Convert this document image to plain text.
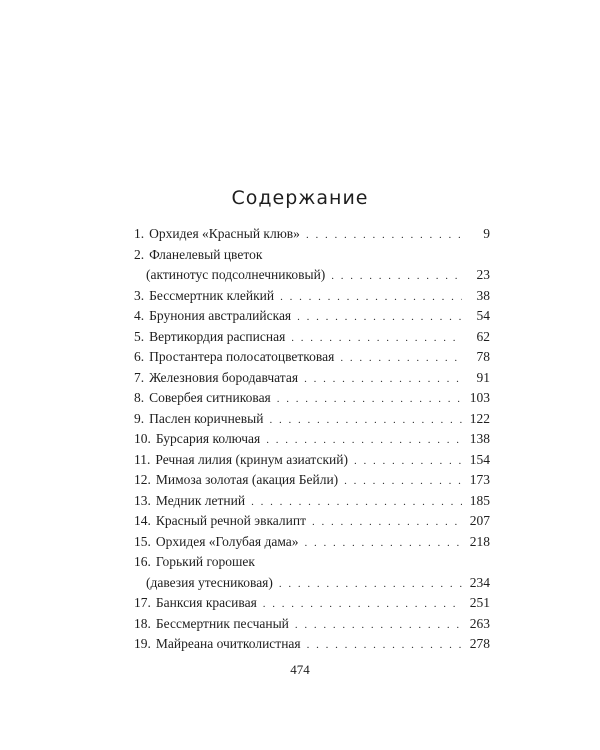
Содержание
1. Орхидея «Красный клюв» . . .	9
2. Фланелевый цветок
(актинотус подсолнечниковый) . . .	23
3. Бессмертник клейкий . . .	38
4. Брунония австралийская . . .	54
5. Вертикордия расписная . . .	62
6. Простантера полосатоцветковая . . .	78
7. Железновия бородавчатая . . .	91
8. Совербея ситниковая . . .	103
9. Паслен коричневый . . .	122
10. Бурсария колючая . . .	138
11. Речная лилия (кринум азиатский) . . .	154
12. Мимоза золотая (акация Бейли) . . .	173
13. Медник летний . . .	185
14. Красный речной эвкалипт . . .	207
15. Орхидея «Голубая дама» . . .	218
16. Горький горошек
(давезия утесниковая) . . .	234
17. Банксия красивая . . .	251
18. Бессмертник песчаный . . .	263
19. Майреана очитколистная . . .	278
474
